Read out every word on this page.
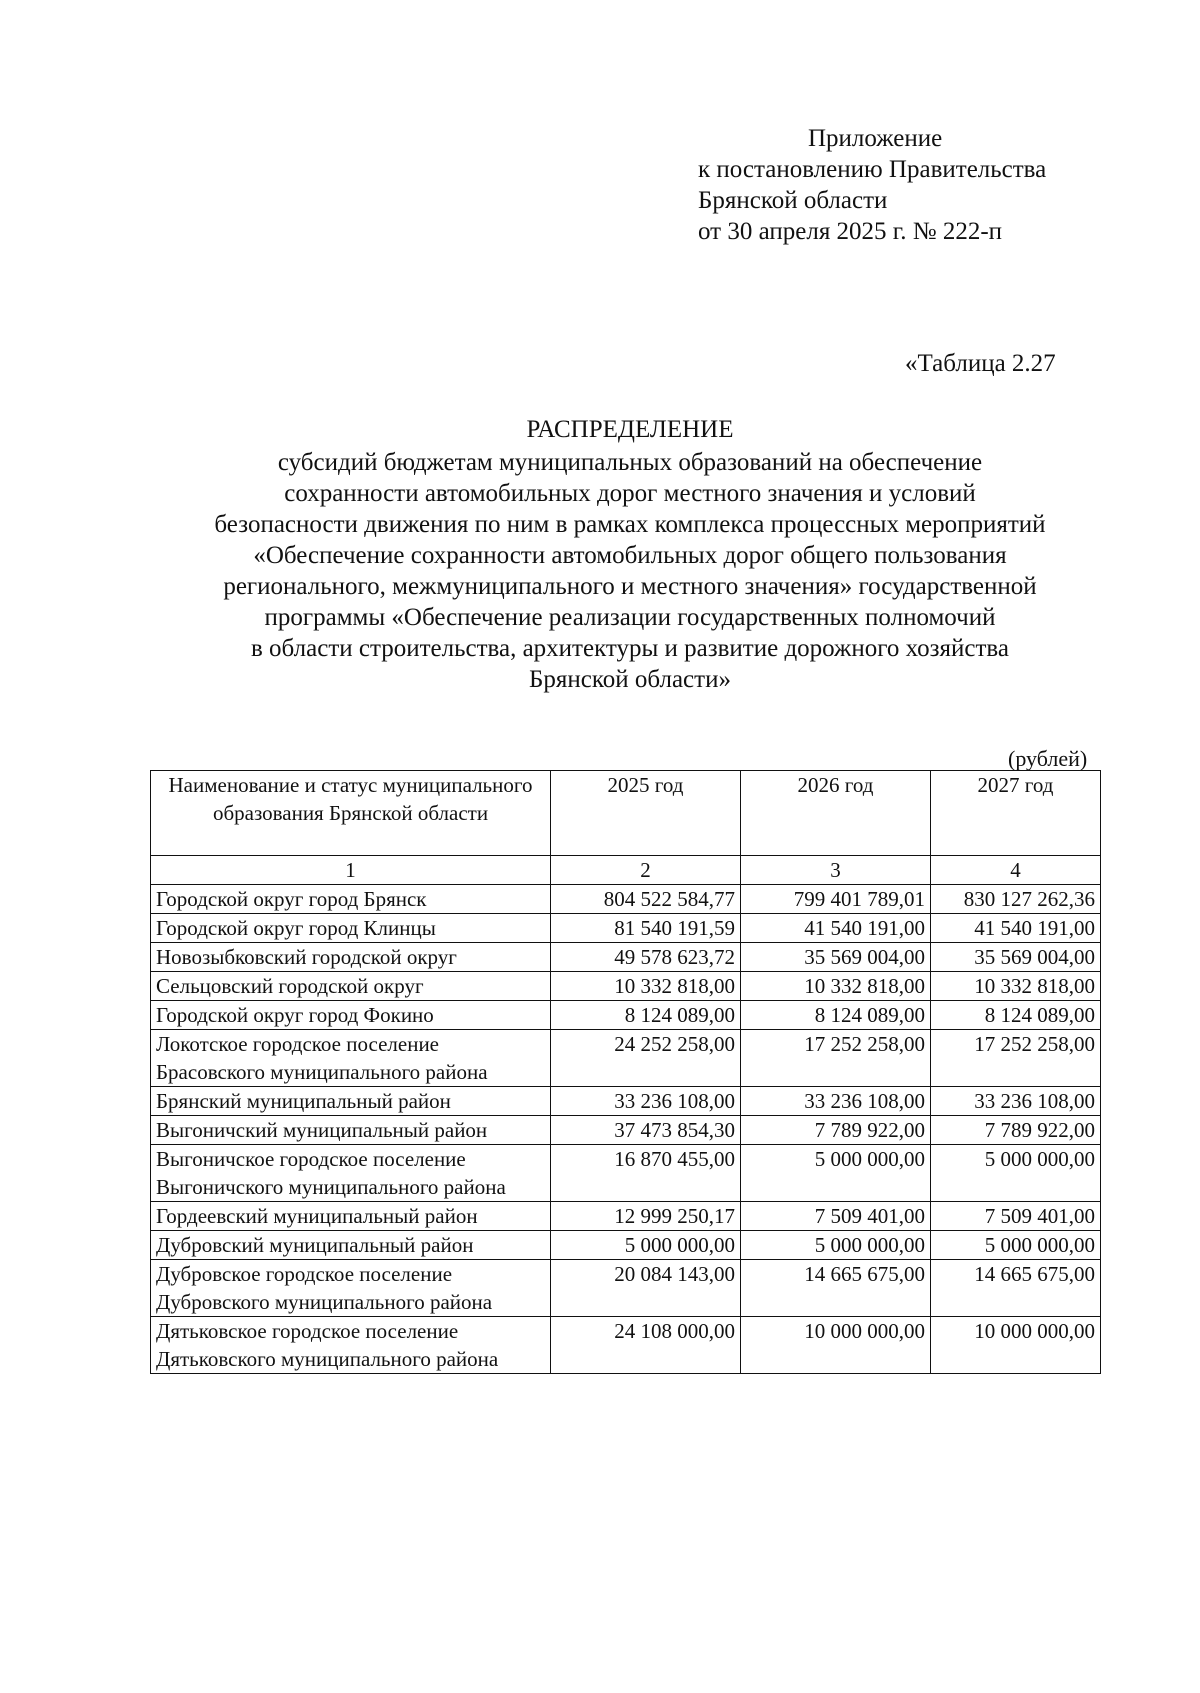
Приложение
к постановлению Правительства
Брянской области
от 30 апреля 2025 г. № 222-п
«Таблица 2.27
РАСПРЕДЕЛЕНИЕ
субсидий бюджетам муниципальных образований на обеспечение
сохранности автомобильных дорог местного значения и условий
безопасности движения по ним в рамках комплекса процессных мероприятий
«Обеспечение сохранности автомобильных дорог общего пользования
регионального, межмуниципального и местного значения» государственной
программы «Обеспечение реализации государственных полномочий
в области строительства, архитектуры и развитие дорожного хозяйства
Брянской области»
(рублей)
Наименование и статус муниципального образования Брянской области	2025 год	2026 год	2027 год
1	2	3	4
Городской округ город Брянск	804 522 584,77	799 401 789,01	830 127 262,36
Городской округ город Клинцы	81 540 191,59	41 540 191,00	41 540 191,00
Новозыбковский городской округ	49 578 623,72	35 569 004,00	35 569 004,00
Сельцовский городской округ	10 332 818,00	10 332 818,00	10 332 818,00
Городской округ город Фокино	8 124 089,00	8 124 089,00	8 124 089,00
Локотское городское поселение Брасовского муниципального района	24 252 258,00	17 252 258,00	17 252 258,00
Брянский муниципальный район	33 236 108,00	33 236 108,00	33 236 108,00
Выгоничский муниципальный район	37 473 854,30	7 789 922,00	7 789 922,00
Выгоничское городское поселение Выгоничского муниципального района	16 870 455,00	5 000 000,00	5 000 000,00
Гордеевский муниципальный район	12 999 250,17	7 509 401,00	7 509 401,00
Дубровский муниципальный район	5 000 000,00	5 000 000,00	5 000 000,00
Дубровское городское поселение Дубровского муниципального района	20 084 143,00	14 665 675,00	14 665 675,00
Дятьковское городское поселение Дятьковского муниципального района	24 108 000,00	10 000 000,00	10 000 000,00
